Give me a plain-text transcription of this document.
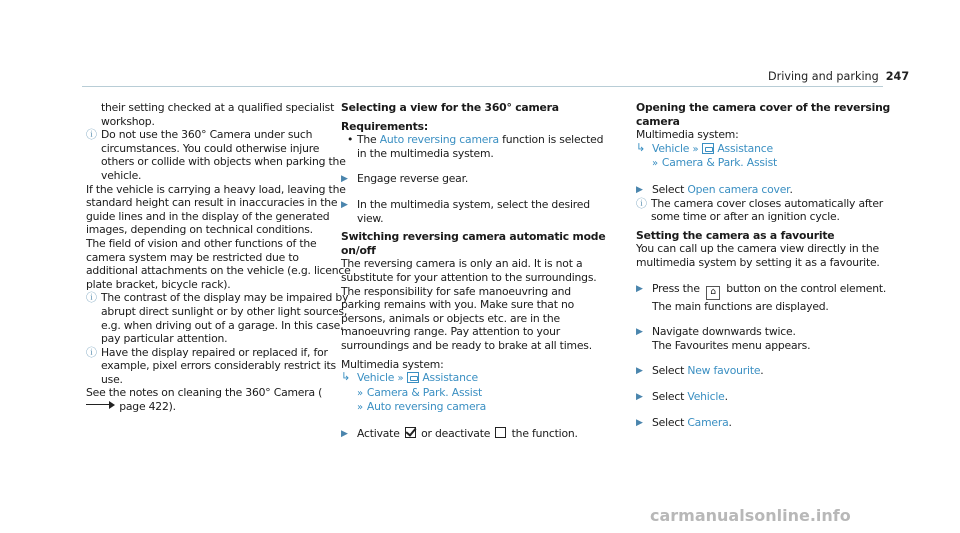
Driving and parking 247

their setting checked at a qualified specialist workshop.

ⓘ Do not use the 360° Camera under such circumstances. You could otherwise injure others or collide with objects when parking the vehicle.

If the vehicle is carrying a heavy load, leaving the standard height can result in inaccuracies in the guide lines and in the display of the generated images, depending on technical conditions.

The field of vision and other functions of the camera system may be restricted due to additional attachments on the vehicle (e.g. licence plate bracket, bicycle rack).

ⓘ The contrast of the display may be impaired by abrupt direct sunlight or by other light sources, e.g. when driving out of a garage. In this case, pay particular attention.
ⓘ Have the display repaired or replaced if, for example, pixel errors considerably restrict its use.

See the notes on cleaning the 360° Camera ( page 422).

Selecting a view for the 360° camera

Requirements:

• The Auto reversing camera function is selected in the multimedia system.
▶ Engage reverse gear.
▶ In the multimedia system, select the desired view.

Switching reversing camera automatic mode on/off

The reversing camera is only an aid. It is not a substitute for your attention to the surroundings. The responsibility for safe manoeuvring and parking remains with you. Make sure that no persons, animals or objects etc. are in the manoeuvring range. Pay attention to your surroundings and be ready to brake at all times.

Multimedia system:

↳ Vehicle » Assistance
» Camera & Park. Assist
» Auto reversing camera
▶ Activate or deactivate the function.

Opening the camera cover of the reversing camera

Multimedia system:

↳ Vehicle » Assistance
» Camera & Park. Assist
▶ Select Open camera cover.
ⓘ The camera cover closes automatically after some time or after an ignition cycle.

Setting the camera as a favourite

You can call up the camera view directly in the multimedia system by setting it as a favourite.

▶ Press the ⌂ button on the control element.
The main functions are displayed.
▶ Navigate downwards twice.
The Favourites menu appears.
▶ Select New favourite.
▶ Select Vehicle.
▶ Select Camera.
carmanualsonline.info
